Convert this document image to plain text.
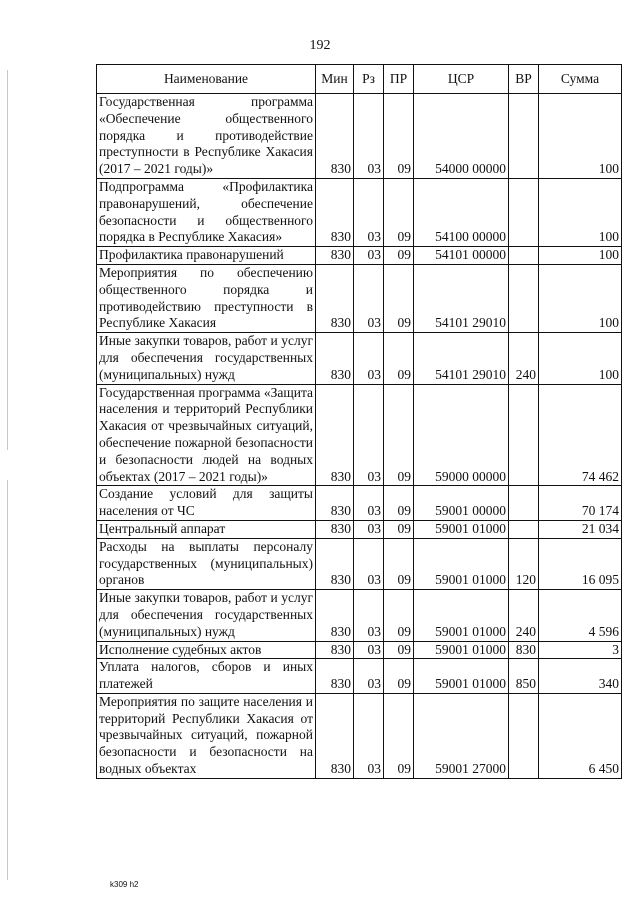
192
Наименование	Мин	Рз	ПР	ЦСР	ВР	Сумма
Государственная программа «Обеспечение общественного порядка и противодействие преступности в Республике Хакасия (2017 – 2021 годы)»	830	03	09	54000 00000		100
Подпрограмма «Профилактика правонарушений, обеспечение безопасности и общественного порядка в Республике Хакасия»	830	03	09	54100 00000		100
Профилактика правонарушений	830	03	09	54101 00000		100
Мероприятия по обеспечению общественного порядка и противодействию преступности в Республике Хакасия	830	03	09	54101 29010		100
Иные закупки товаров, работ и услуг для обеспечения государственных (муниципальных) нужд	830	03	09	54101 29010	240	100
Государственная программа «Защита населения и территорий Республики Хакасия от чрезвычайных ситуаций, обеспечение пожарной безопасности и безопасности людей на водных объектах (2017 – 2021 годы)»	830	03	09	59000 00000		74 462
Создание условий для защиты населения от ЧС	830	03	09	59001 00000		70 174
Центральный аппарат	830	03	09	59001 01000		21 034
Расходы на выплаты персоналу государственных (муниципальных) органов	830	03	09	59001 01000	120	16 095
Иные закупки товаров, работ и услуг для обеспечения государственных (муниципальных) нужд	830	03	09	59001 01000	240	4 596
Исполнение судебных актов	830	03	09	59001 01000	830	3
Уплата налогов, сборов и иных платежей	830	03	09	59001 01000	850	340
Мероприятия по защите населения и территорий Республики Хакасия от чрезвычайных ситуаций, пожарной безопасности и безопасности на водных объектах	830	03	09	59001 27000		6 450
k309 h2
